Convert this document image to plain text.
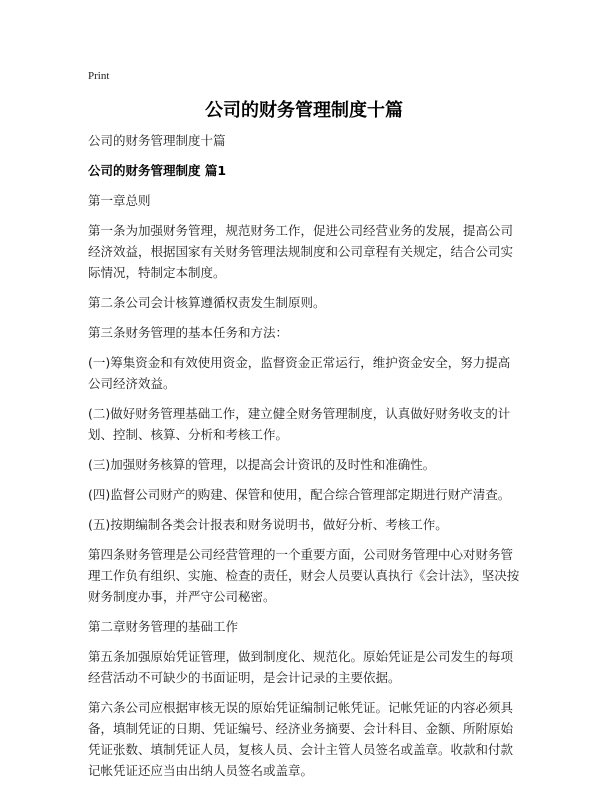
Print
公司的财务管理制度十篇

公司的财务管理制度十篇

公司的财务管理制度 篇1

第一章总则

第一条为加强财务管理，规范财务工作，促进公司经营业务的发展，提高公司经济效益，根据国家有关财务管理法规制度和公司章程有关规定，结合公司实际情况，特制定本制度。

第二条公司会计核算遵循权责发生制原则。

第三条财务管理的基本任务和方法：

(一)筹集资金和有效使用资金，监督资金正常运行，维护资金安全，努力提高公司经济效益。

(二)做好财务管理基础工作，建立健全财务管理制度，认真做好财务收支的计划、控制、核算、分析和考核工作。

(三)加强财务核算的管理，以提高会计资讯的及时性和准确性。

(四)监督公司财产的购建、保管和使用，配合综合管理部定期进行财产清查。

(五)按期编制各类会计报表和财务说明书，做好分析、考核工作。

第四条财务管理是公司经营管理的一个重要方面，公司财务管理中心对财务管理工作负有组织、实施、检查的责任，财会人员要认真执行《会计法》，坚决按财务制度办事，并严守公司秘密。

第二章财务管理的基础工作

第五条加强原始凭证管理，做到制度化、规范化。原始凭证是公司发生的每项经营活动不可缺少的书面证明，是会计记录的主要依据。

第六条公司应根据审核无误的原始凭证编制记帐凭证。记帐凭证的内容必须具备，填制凭证的日期、凭证编号、经济业务摘要、会计科目、金额、所附原始凭证张数、填制凭证人员，复核人员、会计主管人员签名或盖章。收款和付款记帐凭证还应当由出纳人员签名或盖章。
